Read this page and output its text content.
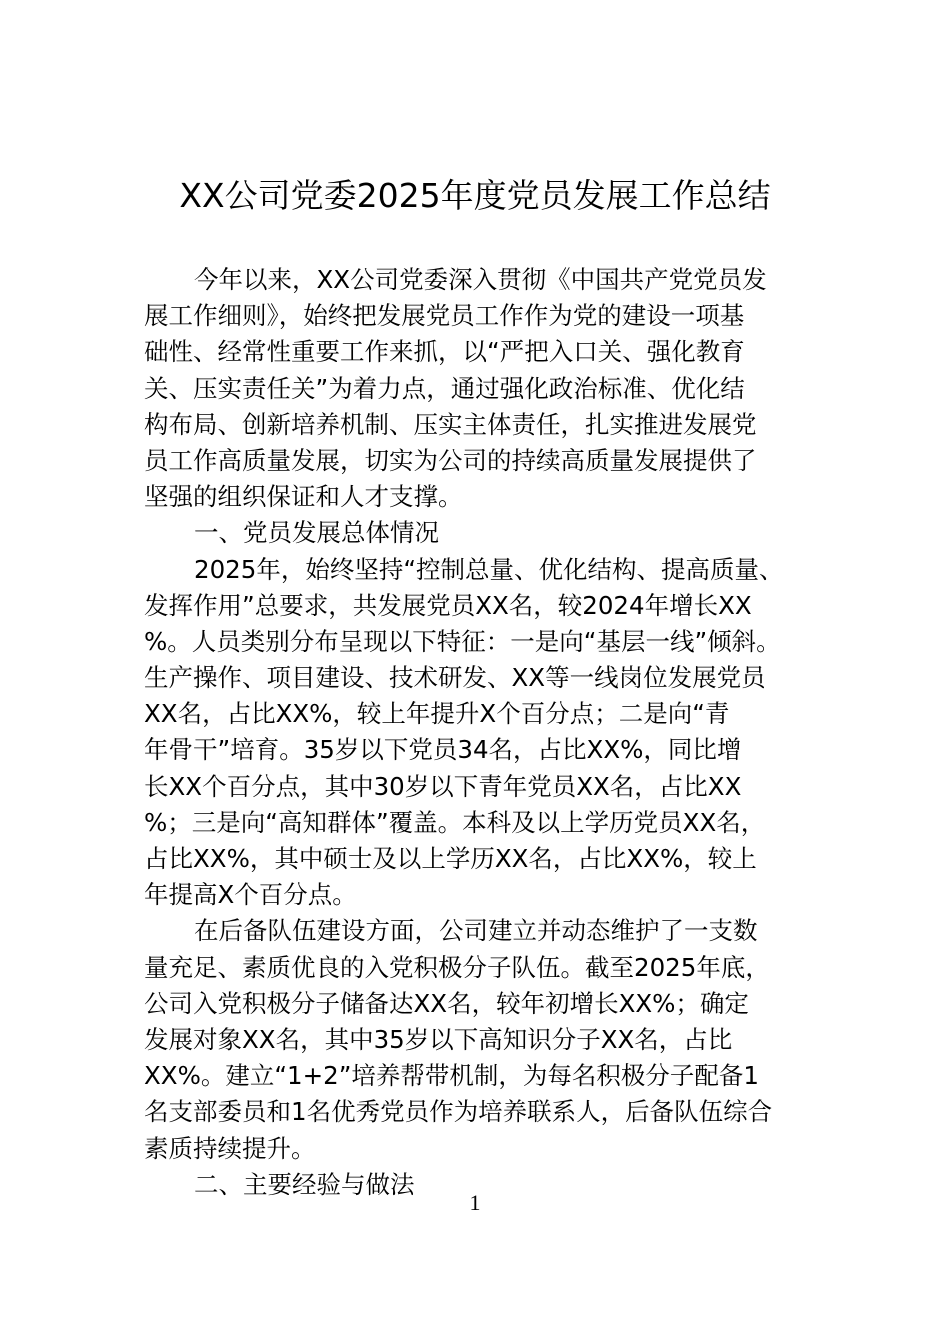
XX公司党委2025年度党员发展工作总结
今年以来，XX公司党委深入贯彻《中国共产党党员发
展工作细则》，始终把发展党员工作作为党的建设一项基
础性、经常性重要工作来抓，以“严把入口关、强化教育
关、压实责任关”为着力点，通过强化政治标准、优化结
构布局、创新培养机制、压实主体责任，扎实推进发展党
员工作高质量发展，切实为公司的持续高质量发展提供了
坚强的组织保证和人才支撑。
一、党员发展总体情况
2025年，始终坚持“控制总量、优化结构、提高质量、
发挥作用”总要求，共发展党员XX名，较2024年增长XX
%。人员类别分布呈现以下特征：一是向“基层一线”倾斜。
生产操作、项目建设、技术研发、XX等一线岗位发展党员
XX名，占比XX%，较上年提升X个百分点；二是向“青
年骨干”培育。35岁以下党员34名，占比XX%，同比增
长XX个百分点，其中30岁以下青年党员XX名，占比XX
%；三是向“高知群体”覆盖。本科及以上学历党员XX名，
占比XX%，其中硕士及以上学历XX名，占比XX%，较上
年提高X个百分点。
在后备队伍建设方面，公司建立并动态维护了一支数
量充足、素质优良的入党积极分子队伍。截至2025年底，
公司入党积极分子储备达XX名，较年初增长XX%；确定
发展对象XX名，其中35岁以下高知识分子XX名，占比
XX%。建立“1+2”培养帮带机制，为每名积极分子配备1
名支部委员和1名优秀党员作为培养联系人，后备队伍综合
素质持续提升。
二、主要经验与做法
1
